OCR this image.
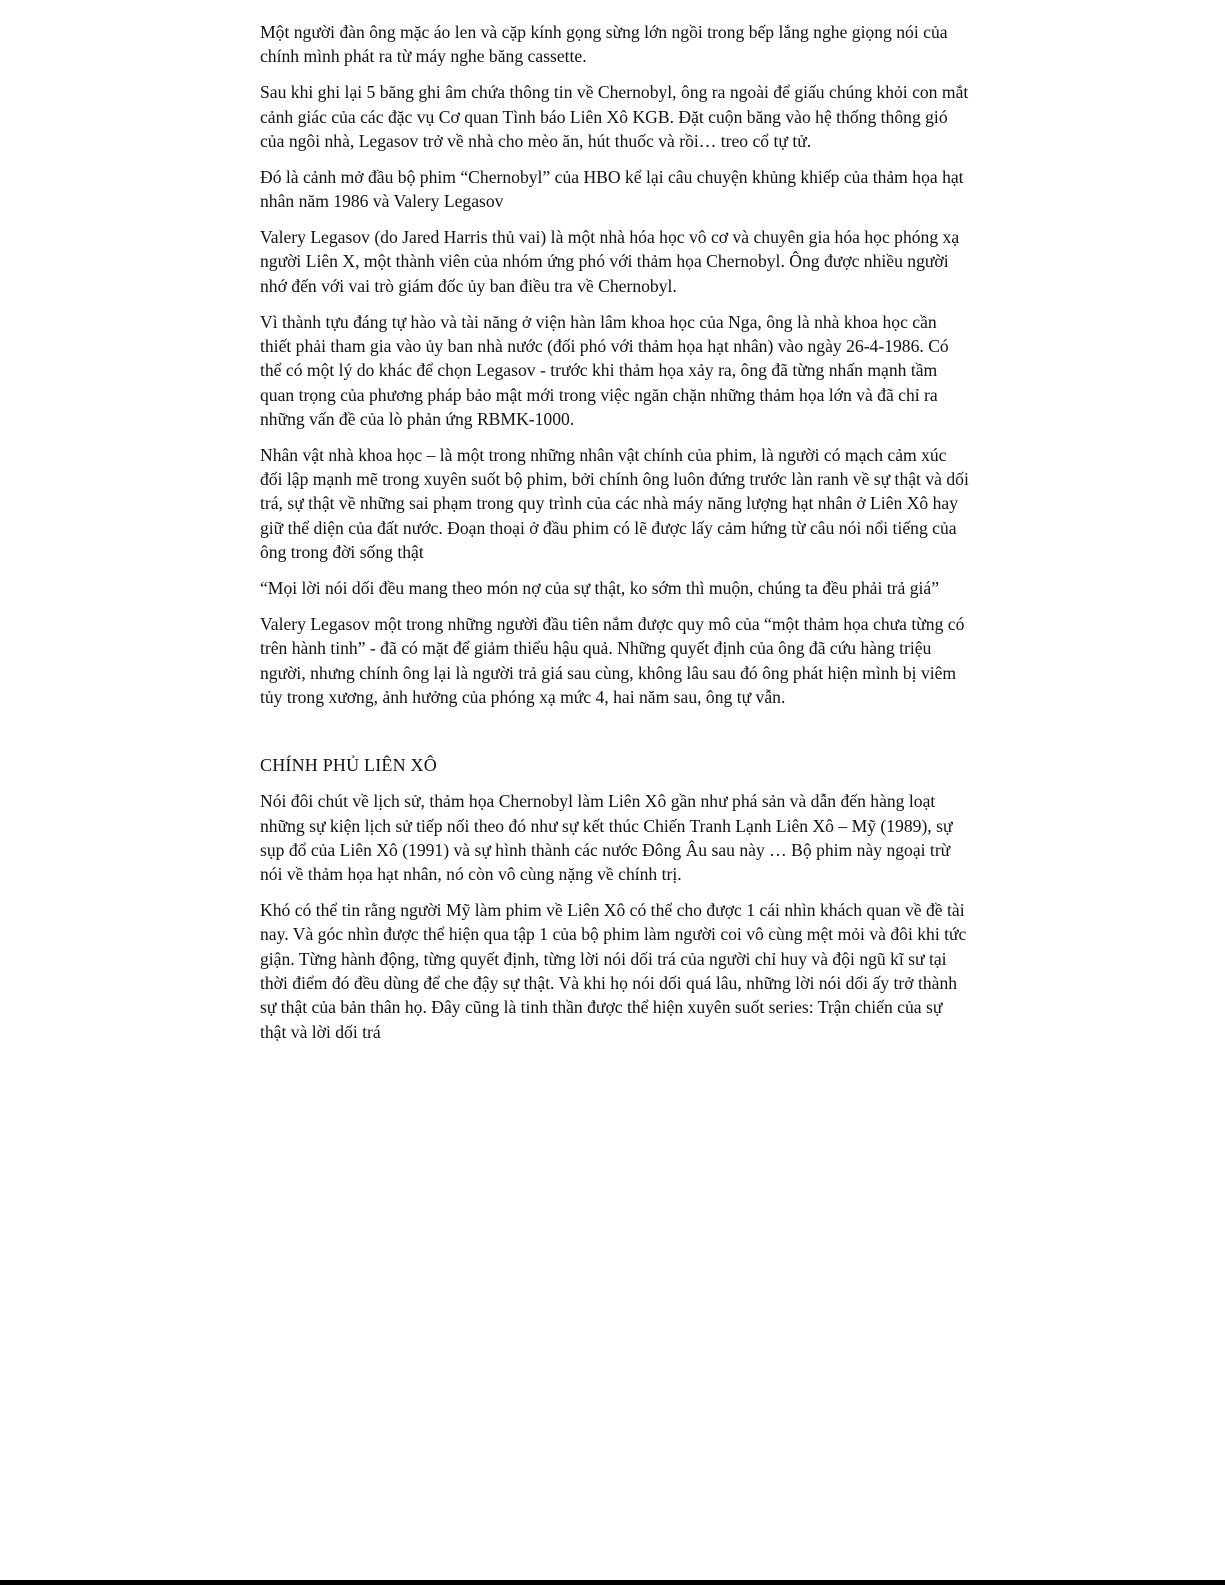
Một người đàn ông mặc áo len và cặp kính gọng sừng lớn ngồi trong bếp lắng nghe giọng nói của chính mình phát ra từ máy nghe băng cassette.

Sau khi ghi lại 5 băng ghi âm chứa thông tin về Chernobyl, ông ra ngoài để giấu chúng khỏi con mắt cảnh giác của các đặc vụ Cơ quan Tình báo Liên Xô KGB. Đặt cuộn băng vào hệ thống thông gió của ngôi nhà, Legasov trở về nhà cho mèo ăn, hút thuốc và rồi… treo cổ tự tử.

Đó là cảnh mở đầu bộ phim “Chernobyl” của HBO kể lại câu chuyện khủng khiếp của thảm họa hạt nhân năm 1986 và Valery Legasov

Valery Legasov (do Jared Harris thủ vai) là một nhà hóa học vô cơ và chuyên gia hóa học phóng xạ người Liên X, một thành viên của nhóm ứng phó với thảm họa Chernobyl. Ông được nhiều người nhớ đến với vai trò giám đốc ủy ban điều tra về Chernobyl.

Vì thành tựu đáng tự hào và tài năng ở viện hàn lâm khoa học của Nga, ông là nhà khoa học cần thiết phải tham gia vào ủy ban nhà nước (đối phó với thảm họa hạt nhân) vào ngày 26-4-1986. Có thể có một lý do khác để chọn Legasov - trước khi thảm họa xảy ra, ông đã từng nhấn mạnh tầm quan trọng của phương pháp bảo mật mới trong việc ngăn chặn những thảm họa lớn và đã chỉ ra những vấn đề của lò phản ứng RBMK-1000.

Nhân vật nhà khoa học – là một trong những nhân vật chính của phim, là người có mạch cảm xúc đối lập mạnh mẽ trong xuyên suốt bộ phim, bởi chính ông luôn đứng trước làn ranh về sự thật và dối trá, sự thật về những sai phạm trong quy trình của các nhà máy năng lượng hạt nhân ở Liên Xô hay giữ thể diện của đất nước. Đoạn thoại ở đầu phim có lẽ được lấy cảm hứng từ câu nói nổi tiếng của ông trong đời sống thật

“Mọi lời nói dối đều mang theo món nợ của sự thật, ko sớm thì muộn, chúng ta đều phải trả giá”

Valery Legasov một trong những người đầu tiên nắm được quy mô của “một thảm họa chưa từng có trên hành tinh” - đã có mặt để giảm thiểu hậu quả. Những quyết định của ông đã cứu hàng triệu người, nhưng chính ông lại là người trả giá sau cùng, không lâu sau đó ông phát hiện mình bị viêm tủy trong xương, ảnh hưởng của phóng xạ mức 4, hai năm sau, ông tự vẫn.

CHÍNH PHỦ LIÊN XÔ

Nói đôi chút về lịch sử, thảm họa Chernobyl làm Liên Xô gần như phá sản và dẫn đến hàng loạt những sự kiện lịch sử tiếp nối theo đó như sự kết thúc Chiến Tranh Lạnh Liên Xô – Mỹ (1989), sự sụp đổ của Liên Xô (1991) và sự hình thành các nước Đông Âu sau này … Bộ phim này ngoại trừ nói về thảm họa hạt nhân, nó còn vô cùng nặng về chính trị.

Khó có thể tin rằng người Mỹ làm phim về Liên Xô có thể cho được 1 cái nhìn khách quan về đề tài nay. Và góc nhìn được thể hiện qua tập 1 của bộ phim làm người coi vô cùng mệt mỏi và đôi khi tức giận. Từng hành động, từng quyết định, từng lời nói dối trá của người chỉ huy và đội ngũ kĩ sư tại thời điểm đó đều dùng để che đậy sự thật. Và khi họ nói dối quá lâu, những lời nói dối ấy trở thành sự thật của bản thân họ. Đây cũng là tinh thần được thể hiện xuyên suốt series: Trận chiến của sự thật và lời dối trá
